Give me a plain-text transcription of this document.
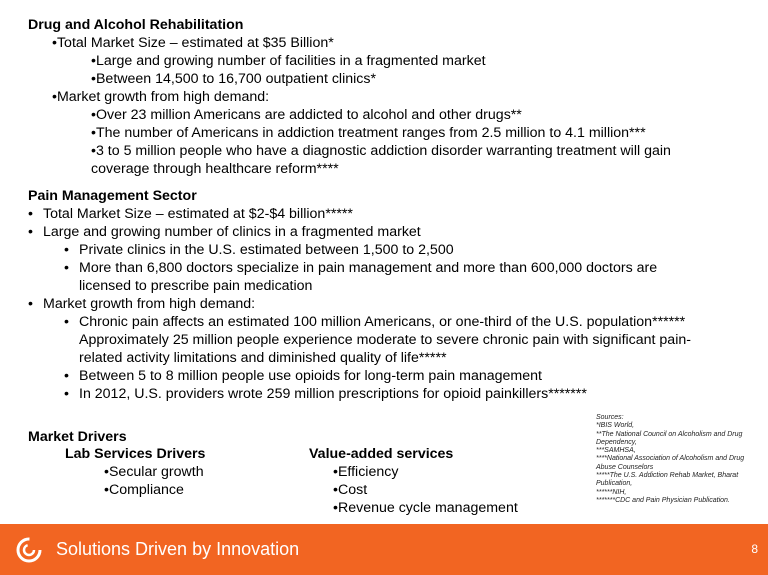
Drug and Alcohol Rehabilitation
•Total Market Size – estimated at $35 Billion*
•Large and growing number of facilities in a fragmented market
•Between 14,500 to 16,700 outpatient clinics*
•Market growth from high demand:
•Over 23 million Americans are addicted to alcohol and other drugs**
•The number of Americans in addiction treatment ranges from 2.5 million to 4.1 million***
•3 to 5 million people who have a diagnostic addiction disorder warranting treatment will gain
coverage through healthcare reform****
Pain Management Sector
•
Total Market Size – estimated at $2-$4 billion*****
•
Large and growing number of clinics in a fragmented market
•
Private clinics in the U.S. estimated between 1,500 to 2,500
•
More than 6,800 doctors specialize in pain management and more than 600,000 doctors are
licensed to prescribe pain medication
•
Market growth from high demand:
•
Chronic pain affects an estimated 100 million Americans, or one-third of the U.S. population******
Approximately 25 million people experience moderate to severe chronic pain with significant pain-
related activity limitations and diminished quality of life*****
•
Between 5 to 8 million people use opioids for long-term pain management
•
In 2012, U.S. providers wrote 259 million prescriptions for opioid painkillers*******
Market Drivers
Lab Services Drivers
•Secular growth
•Compliance
Value-added services
•Efficiency
•Cost
•Revenue cycle management
Sources:
*IBIS World,
**The National Council on Alcoholism and Drug Dependency,
***SAMHSA,
****National Association of Alcoholism and Drug Abuse Counselors
*****The U.S. Addiction Rehab Market, Bharat Publication,
******NIH,
*******CDC and Pain Physician Publication.
Solutions Driven by Innovation	8
